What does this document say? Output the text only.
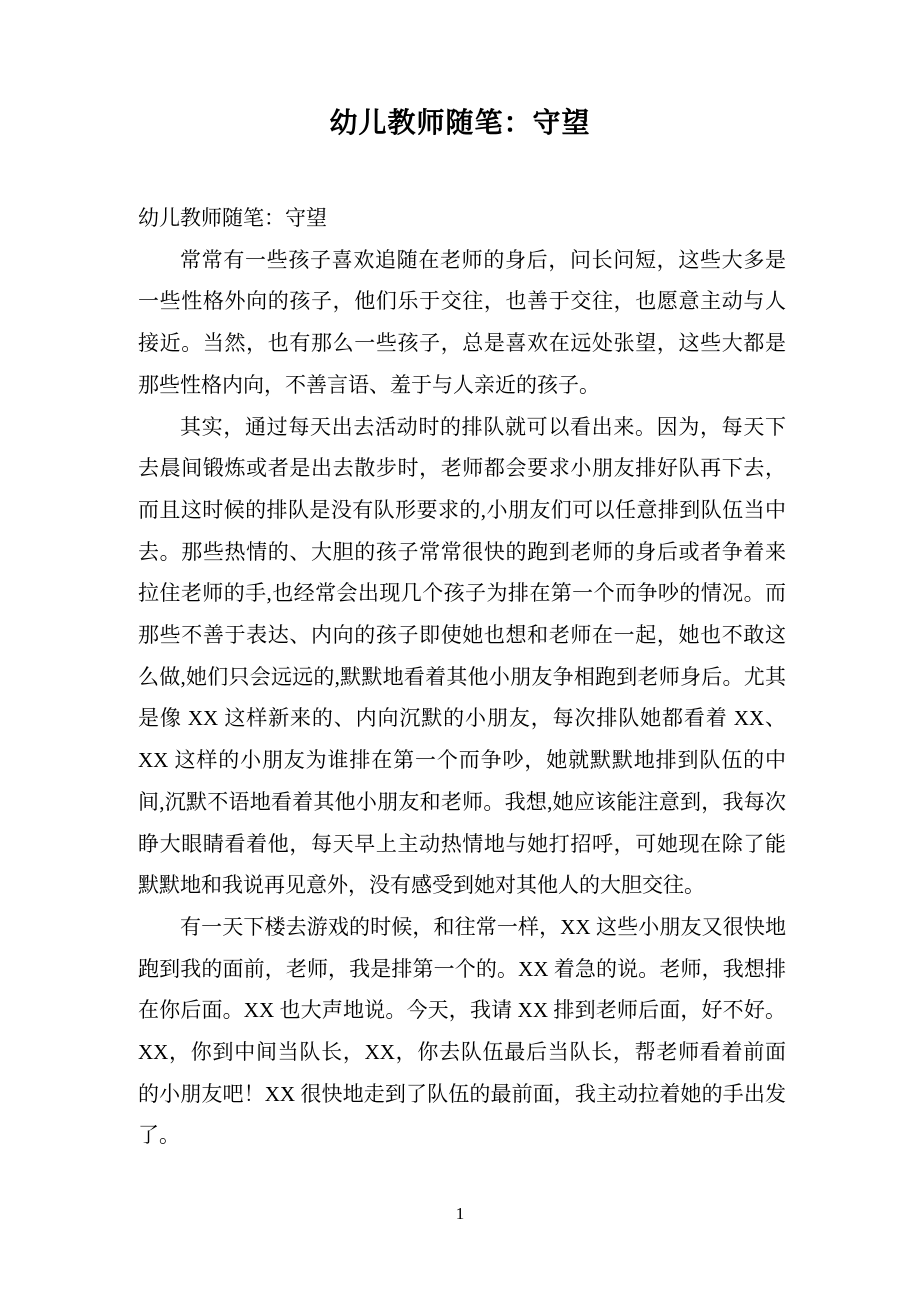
幼儿教师随笔：守望

幼儿教师随笔：守望

常常有一些孩子喜欢追随在老师的身后，问长问短，这些大多是一些性格外向的孩子，他们乐于交往，也善于交往，也愿意主动与人接近。当然，也有那么一些孩子，总是喜欢在远处张望，这些大都是那些性格内向，不善言语、羞于与人亲近的孩子。

其实，通过每天出去活动时的排队就可以看出来。因为，每天下去晨间锻炼或者是出去散步时，老师都会要求小朋友排好队再下去，而且这时候的排队是没有队形要求的,小朋友们可以任意排到队伍当中去。那些热情的、大胆的孩子常常很快的跑到老师的身后或者争着来拉住老师的手,也经常会出现几个孩子为排在第一个而争吵的情况。而那些不善于表达、内向的孩子即使她也想和老师在一起，她也不敢这么做,她们只会远远的,默默地看着其他小朋友争相跑到老师身后。尤其是像 XX 这样新来的、内向沉默的小朋友，每次排队她都看着 XX、XX 这样的小朋友为谁排在第一个而争吵，她就默默地排到队伍的中间,沉默不语地看着其他小朋友和老师。我想,她应该能注意到，我每次睁大眼睛看着他，每天早上主动热情地与她打招呼，可她现在除了能默默地和我说再见意外，没有感受到她对其他人的大胆交往。

有一天下楼去游戏的时候，和往常一样，XX 这些小朋友又很快地跑到我的面前，老师，我是排第一个的。XX 着急的说。老师，我想排在你后面。XX 也大声地说。今天，我请 XX 排到老师后面，好不好。XX，你到中间当队长，XX，你去队伍最后当队长，帮老师看着前面的小朋友吧！XX 很快地走到了队伍的最前面，我主动拉着她的手出发了。

1
